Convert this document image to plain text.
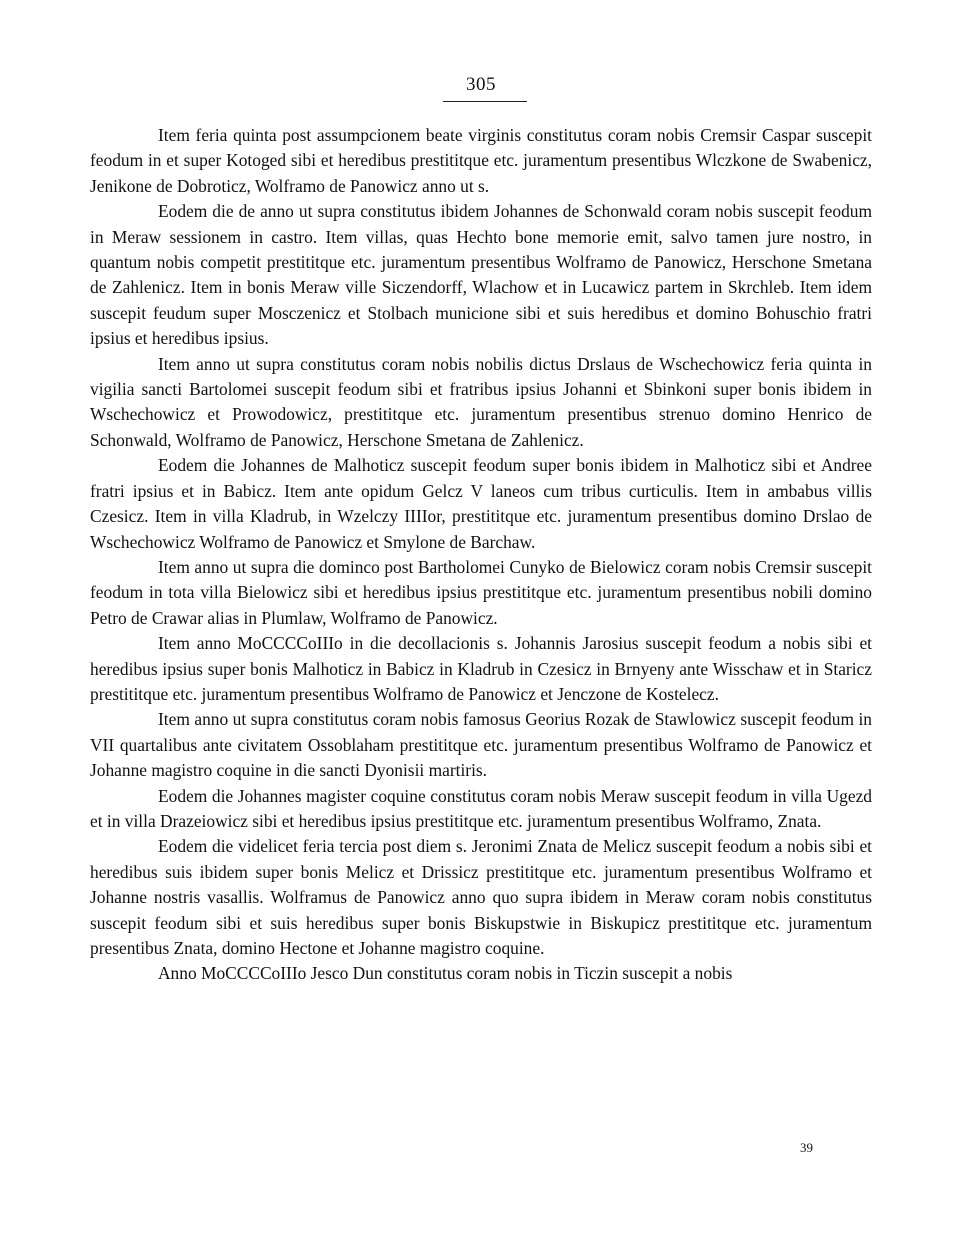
305

Item feria quinta post assumpcionem beate virginis constitutus coram nobis Cremsir Caspar suscepit feodum in et super Kotoged sibi et heredibus prestititque etc. juramentum presentibus Wlczkone de Swabenicz, Jenikone de Dobroticz, Wolframo de Panowicz anno ut s.

Eodem die de anno ut supra constitutus ibidem Johannes de Schonwald coram nobis suscepit feodum in Meraw sessionem in castro. Item villas, quas Hechto bone memorie emit, salvo tamen jure nostro, in quantum nobis competit prestititque etc. juramentum presentibus Wolframo de Panowicz, Herschone Smetana de Zahlenicz. Item in bonis Meraw ville Siczendorff, Wlachow et in Lucawicz partem in Skrchleb. Item idem suscepit feudum super Mosczenicz et Stolbach municione sibi et suis heredibus et domino Bohuschio fratri ipsius et heredibus ipsius.

Item anno ut supra constitutus coram nobis nobilis dictus Drslaus de Wschechowicz feria quinta in vigilia sancti Bartolomei suscepit feodum sibi et fratribus ipsius Johanni et Sbinkoni super bonis ibidem in Wschechowicz et Prowodowicz, prestititque etc. juramentum presentibus strenuo domino Henrico de Schonwald, Wolframo de Panowicz, Herschone Smetana de Zahlenicz.

Eodem die Johannes de Malhoticz suscepit feodum super bonis ibidem in Malhoticz sibi et Andree fratri ipsius et in Babicz. Item ante opidum Gelcz V laneos cum tribus curticulis. Item in ambabus villis Czesicz. Item in villa Kladrub, in Wzelczy IIIIor, prestititque etc. juramentum presentibus domino Drslao de Wschechowicz Wolframo de Panowicz et Smylone de Barchaw.

Item anno ut supra die dominco post Bartholomei Cunyko de Bielowicz coram nobis Cremsir suscepit feodum in tota villa Bielowicz sibi et heredibus ipsius prestititque etc. juramentum presentibus nobili domino Petro de Crawar alias in Plumlaw, Wolframo de Panowicz.

Item anno MoCCCCoIIIo in die decollacionis s. Johannis Jarosius suscepit feodum a nobis sibi et heredibus ipsius super bonis Malhoticz in Babicz in Kladrub in Czesicz in Brnyeny ante Wisschaw et in Staricz prestititque etc. juramentum presentibus Wolframo de Panowicz et Jenczone de Kostelecz.

Item anno ut supra constitutus coram nobis famosus Georius Rozak de Stawlowicz suscepit feodum in VII quartalibus ante civitatem Ossoblaham prestititque etc. juramentum presentibus Wolframo de Panowicz et Johanne magistro coquine in die sancti Dyonisii martiris.

Eodem die Johannes magister coquine constitutus coram nobis Meraw suscepit feodum in villa Ugezd et in villa Drazeiowicz sibi et heredibus ipsius prestititque etc. juramentum presentibus Wolframo, Znata.

Eodem die videlicet feria tercia post diem s. Jeronimi Znata de Melicz suscepit feodum a nobis sibi et heredibus suis ibidem super bonis Melicz et Drissicz prestititque etc. juramentum presentibus Wolframo et Johanne nostris vasallis. Wolframus de Panowicz anno quo supra ibidem in Meraw coram nobis constitutus suscepit feodum sibi et suis heredibus super bonis Biskupstwie in Biskupicz prestititque etc. juramentum presentibus Znata, domino Hectone et Johanne magistro coquine.

Anno MoCCCCoIIIo Jesco Dun constitutus coram nobis in Ticzin suscepit a nobis

39
